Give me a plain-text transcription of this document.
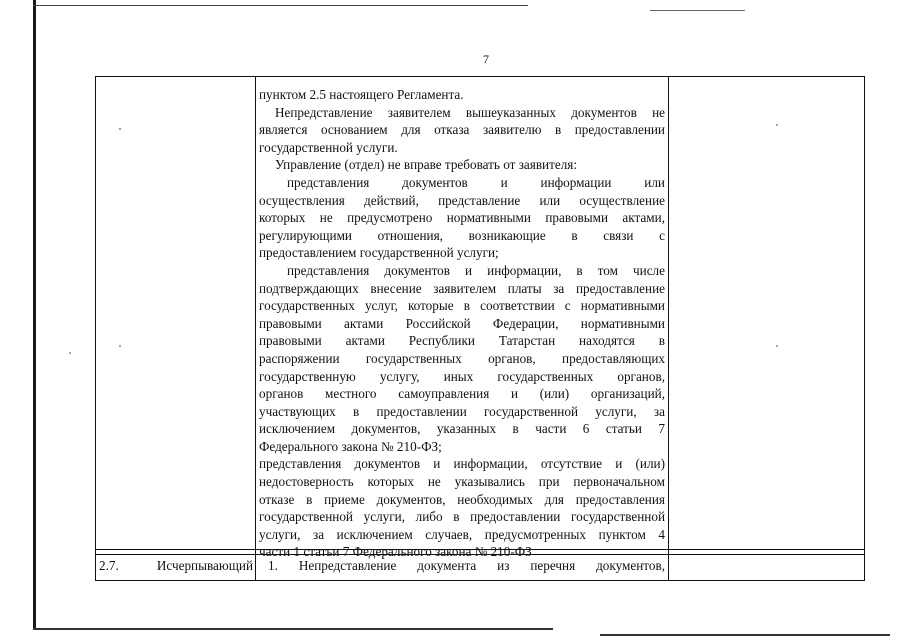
7
пунктом 2.5 настоящего Регламента.
Непредставление заявителем вышеуказанных документов не
является основанием для отказа заявителю в предоставлении
государственной услуги.
Управление (отдел) не вправе требовать от заявителя:
представления документов и информации или
осуществления действий, представление или осуществление
которых не предусмотрено нормативными правовыми актами,
регулирующими отношения, возникающие в связи с
предоставлением государственной услуги;
представления документов и информации, в том числе
подтверждающих внесение заявителем платы за предоставление
государственных услуг, которые в соответствии с нормативными
правовыми актами Российской Федерации, нормативными
правовыми актами Республики Татарстан находятся в
распоряжении государственных органов, предоставляющих
государственную услугу, иных государственных органов,
органов местного самоуправления и (или) организаций,
участвующих в предоставлении государственной услуги, за
исключением документов, указанных в части 6 статьи 7
Федерального закона № 210-ФЗ;
представления документов и информации, отсутствие и (или)
недостоверность которых не указывались при первоначальном
отказе в приеме документов, необходимых для предоставления
государственной услуги, либо в предоставлении государственной
услуги, за исключением случаев, предусмотренных пунктом 4
части 1 статьи 7 Федерального закона № 210-ФЗ
2.7.	Исчерпывающий 1. Непредставление документа из перечня документов,
